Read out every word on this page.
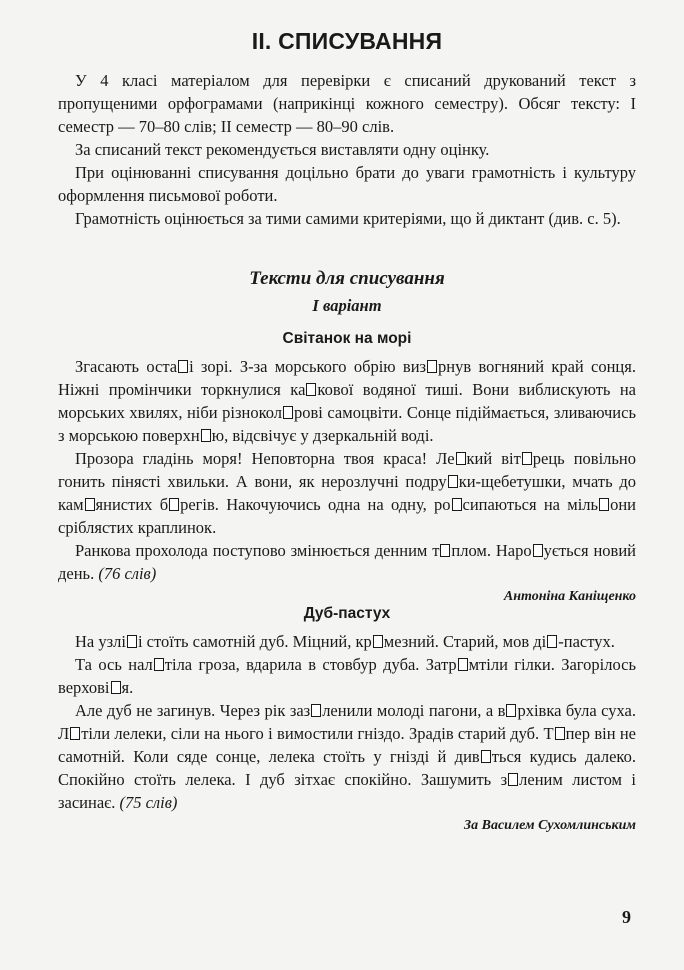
ІІ. СПИСУВАННЯ

У 4 класі матеріалом для перевірки є списаний друкований текст з пропущеними орфограмами (наприкінці кожного семестру). Обсяг тексту: І семестр — 70–80 слів; ІІ семестр — 80–90 слів.

За списаний текст рекомендується виставляти одну оцінку.

При оцінюванні списування доцільно брати до уваги грамотність і культуру оформлення письмової роботи.

Грамотність оцінюється за тими самими критеріями, що й диктант (див. с. 5).

Тексти для списування
І варіант
Світанок на морі

Згасають оста і зорі. З-за морського обрію виз рнув вогняний край сонця. Ніжні промінчики торкнулися ка кової водяної тиші. Вони виблискують на морських хвилях, ніби різнокол рові самоцвіти. Сонце підіймається, зливаючись з морською поверхн ю, відсвічує у дзеркальній воді.

Прозора гладінь моря! Неповторна твоя краса! Ле кий віт рець повільно гонить пінясті хвильки. А вони, як нерозлучні подру ки-щебетушки, мчать до кам янистих б регів. Накочуючись одна на одну, ро сипаються на міль они сріблястих краплинок.

Ранкова прохолода поступово змінюється денним т плом. Наро ується новий день. (76 слів)

Антоніна Каніщенко
Дуб-пастух

На узлі і стоїть самотній дуб. Міцний, кр мезний. Старий, мов ді -пастух.

Та ось нал тіла гроза, вдарила в стовбур дуба. Затр мтіли гілки. Загорілось верхові я.

Але дуб не загинув. Через рік заз ленили молоді пагони, а в рхівка була суха. Л тіли лелеки, сіли на нього і вимостили гніздо. Зрадів старий дуб. Т пер він не самотній. Коли сяде сонце, лелека стоїть у гнізді й див ться кудись далеко. Спокійно стоїть лелека. І дуб зітхає спокійно. Зашумить з леним листом і засинає. (75 слів)

За Василем Сухомлинським
9
